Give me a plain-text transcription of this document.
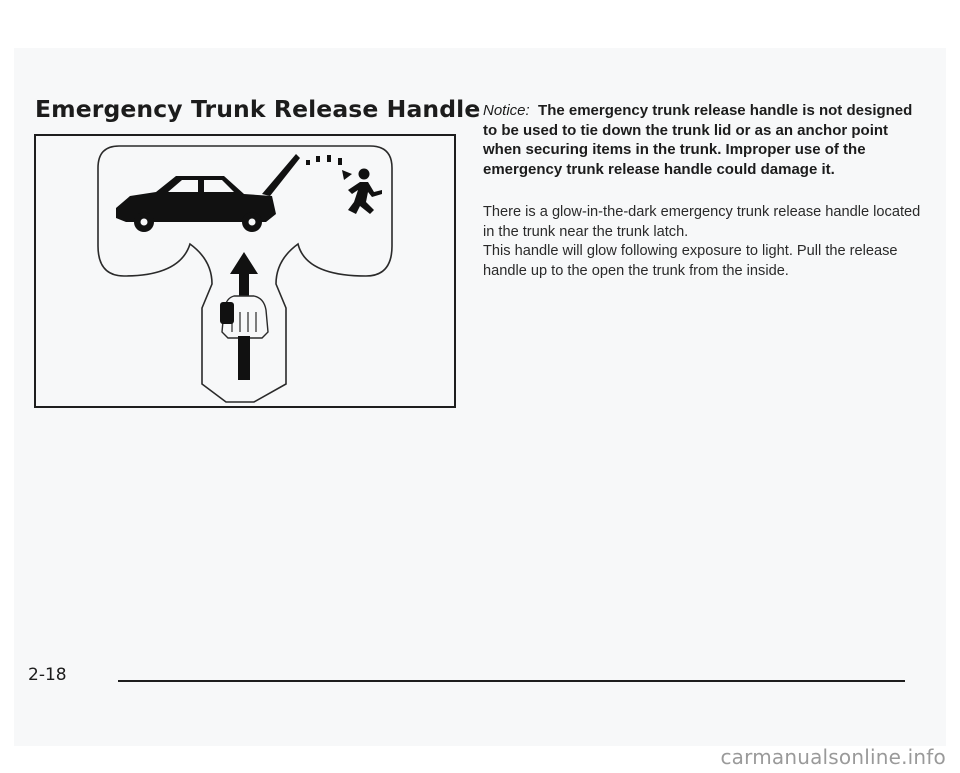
Emergency Trunk Release Handle Notice: The emergency trunk release handle is not designed to be used to tie down the trunk lid or as an anchor point when securing items in the trunk. Improper use of the emergency trunk release handle could damage it.

There is a glow-in-the-dark emergency trunk release handle located in the trunk near the trunk latch.
This handle will glow following exposure to light. Pull the release handle up to the open the trunk from the inside.

2-18

carmanualsonline.info
